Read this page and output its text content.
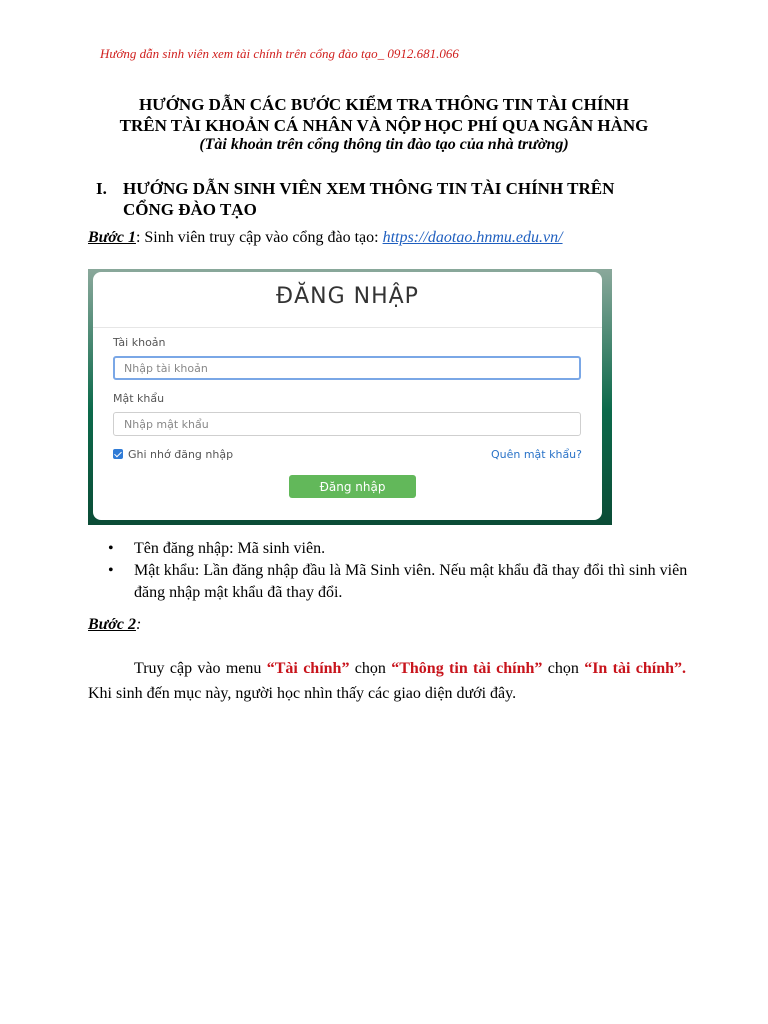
Hướng dẫn sinh viên xem tài chính trên cổng đào tạo_ 0912.681.066
HƯỚNG DẪN CÁC BƯỚC KIỂM TRA THÔNG TIN TÀI CHÍNH
TRÊN TÀI KHOẢN CÁ NHÂN VÀ NỘP HỌC PHÍ QUA NGÂN HÀNG
(Tài khoản trên cổng thông tin đào tạo của nhà trường)
I. HƯỚNG DẪN SINH VIÊN XEM THÔNG TIN TÀI CHÍNH TRÊN CỔNG ĐÀO TẠO
Bước 1: Sinh viên truy cập vào cổng đào tạo: https://daotao.hnmu.edu.vn/
ĐĂNG NHẬP
Tài khoản
Nhập tài khoản
Mật khẩu
Nhập mật khẩu
Ghi nhớ đăng nhập	Quên mật khẩu?
Đăng nhập
• Tên đăng nhập: Mã sinh viên.
• Mật khẩu: Lần đăng nhập đầu là Mã Sinh viên. Nếu mật khẩu đã thay đổi thì sinh viên đăng nhập mật khẩu đã thay đổi.
Bước 2:
Truy cập vào menu “Tài chính” chọn “Thông tin tài chính” chọn “In tài chính”. Khi sinh đến mục này, người học nhìn thấy các giao diện dưới đây.
